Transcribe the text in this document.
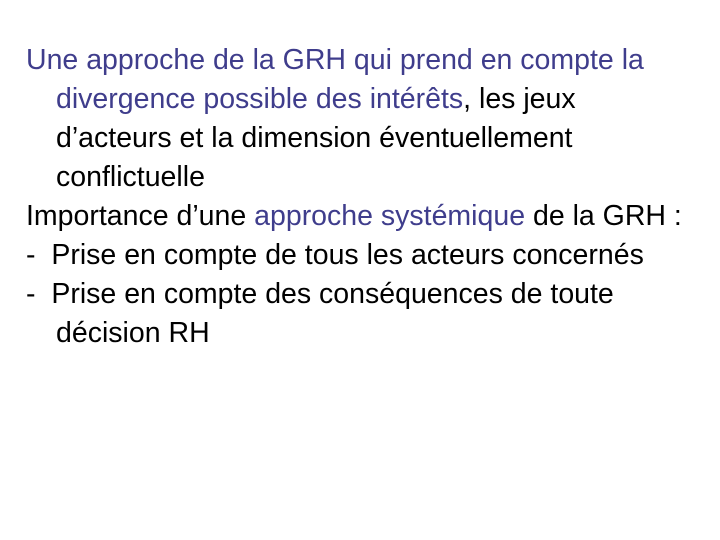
Une approche de la GRH qui prend en compte la divergence possible des intérêts, les jeux d’acteurs et la dimension éventuellement conflictuelle

Importance d’une approche systémique de la GRH :

- Prise en compte de tous les acteurs concernés

- Prise en compte des conséquences de toute décision RH
